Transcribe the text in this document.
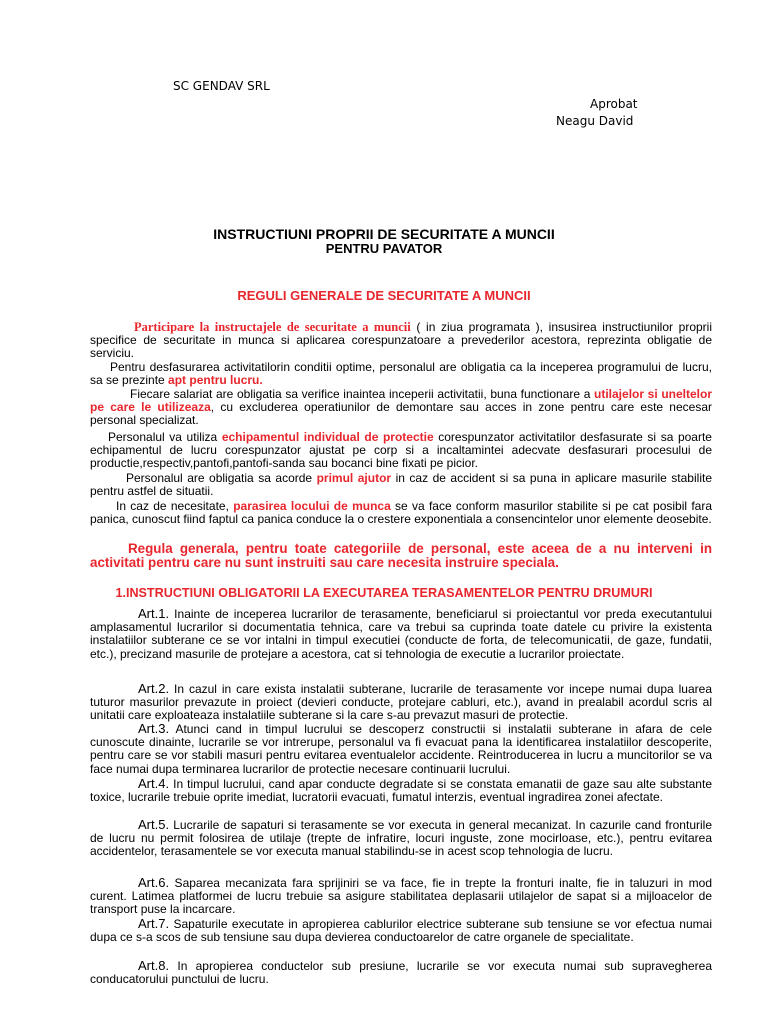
SC GENDAV SRL
Aprobat
Neagu David
INSTRUCTIUNI PROPRII DE SECURITATE A MUNCII
PENTRU PAVATOR
REGULI GENERALE DE SECURITATE A MUNCII
Participare la instructajele de securitate a muncii ( in ziua programata ), insusirea instructiunilor proprii specifice de securitate in munca si aplicarea corespunzatoare a prevederilor acestora, reprezinta obligatie de serviciu.
Pentru desfasurarea activitatilorin conditii optime, personalul are obligatia ca la inceperea programului de lucru, sa se prezinte apt pentru lucru.
Fiecare salariat are obligatia sa verifice inaintea inceperii activitatii, buna functionare a utilajelor si uneltelor pe care le utilizeaza, cu excluderea operatiunilor de demontare sau acces in zone pentru care este necesar personal specializat.
Personalul va utiliza echipamentul individual de protectie corespunzator activitatilor desfasurate si sa poarte echipamentul de lucru corespunzator ajustat pe corp si a incaltamintei adecvate desfasurari procesului de productie,respectiv,pantofi,pantofi-sanda sau bocanci bine fixati pe picior.
Personalul are obligatia sa acorde primul ajutor in caz de accident si sa puna in aplicare masurile stabilite pentru astfel de situatii.
In caz de necesitate, parasirea locului de munca se va face conform masurilor stabilite si pe cat posibil fara panica, cunoscut fiind faptul ca panica conduce la o crestere exponentiala a consencintelor unor elemente deosebite.
Regula generala, pentru toate categoriile de personal, este aceea de a nu interveni in activitati pentru care nu sunt instruiti sau care necesita instruire speciala.
1.INSTRUCTIUNI OBLIGATORII LA EXECUTAREA TERASAMENTELOR PENTRU DRUMURI
Art.1. Inainte de inceperea lucrarilor de terasamente, beneficiarul si proiectantul vor preda executantului amplasamentul lucrarilor si documentatia tehnica, care va trebui sa cuprinda toate datele cu privire la existenta instalatiilor subterane ce se vor intalni in timpul executiei (conducte de forta, de telecomunicatii, de gaze, fundatii, etc.), precizand masurile de protejare a acestora, cat si tehnologia de executie a lucrarilor proiectate.
Art.2. In cazul in care exista instalatii subterane, lucrarile de terasamente vor incepe numai dupa luarea tuturor masurilor prevazute in proiect (devieri conducte, protejare cabluri, etc.), avand in prealabil acordul scris al unitatii care exploateaza instalatiile subterane si la care s-au prevazut masuri de protectie.
Art.3. Atunci cand in timpul lucrului se descoperz constructii si instalatii subterane in afara de cele cunoscute dinainte, lucrarile se vor intrerupe, personalul va fi evacuat pana la identificarea instalatiilor descoperite, pentru care se vor stabili masuri pentru evitarea eventualelor accidente. Reintroducerea in lucru a muncitorilor se va face numai dupa terminarea lucrarilor de protectie necesare continuarii lucrului.
Art.4. In timpul lucrului, cand apar conducte degradate si se constata emanatii de gaze sau alte substante toxice, lucrarile trebuie oprite imediat, lucratorii evacuati, fumatul interzis, eventual ingradirea zonei afectate.
Art.5. Lucrarile de sapaturi si terasamente se vor executa in general mecanizat. In cazurile cand fronturile de lucru nu permit folosirea de utilaje (trepte de infratire, locuri inguste, zone mocirloase, etc.), pentru evitarea accidentelor, terasamentele se vor executa manual stabilindu-se in acest scop tehnologia de lucru.
Art.6. Saparea mecanizata fara sprijiniri se va face, fie in trepte la fronturi inalte, fie in taluzuri in mod curent. Latimea platformei de lucru trebuie sa asigure stabilitatea deplasarii utilajelor de sapat si a mijloacelor de transport puse la incarcare.
Art.7. Sapaturile executate in apropierea cablurilor electrice subterane sub tensiune se vor efectua numai dupa ce s-a scos de sub tensiune sau dupa devierea conductoarelor de catre organele de specialitate.
Art.8. In apropierea conductelor sub presiune, lucrarile se vor executa numai sub supravegherea conducatorului punctului de lucru.
